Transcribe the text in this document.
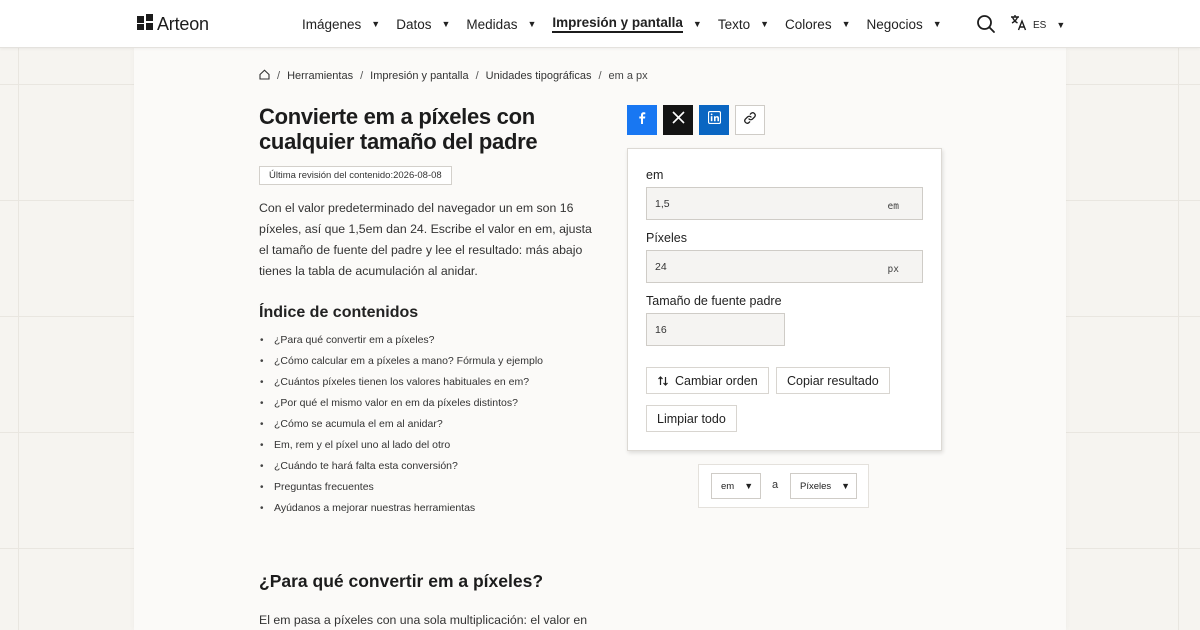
Arteon	Imágenes ▼ Datos ▼ Medidas ▼ Impresión y pantalla ▼ Texto ▼ Colores ▼ Negocios ▼	ES ▼
/ Herramientas / Impresión y pantalla / Unidades tipográficas / em a px
Convierte em a píxeles con cualquier tamaño del padre
Última revisión del contenido:2026-08-08

Con el valor predeterminado del navegador un em son 16 píxeles, así que 1,5em dan 24. Escribe el valor en em, ajusta el tamaño de fuente del padre y lee el resultado: más abajo tienes la tabla de acumulación al anidar.

Índice de contenidos
• ¿Para qué convertir em a píxeles?
• ¿Cómo calcular em a píxeles a mano? Fórmula y ejemplo
• ¿Cuántos píxeles tienen los valores habituales en em?
• ¿Por qué el mismo valor en em da píxeles distintos?
• ¿Cómo se acumula el em al anidar?
• Em, rem y el píxel uno al lado del otro
• ¿Cuándo te hará falta esta conversión?
• Preguntas frecuentes
• Ayúdanos a mejorar nuestras herramientas
¿Para qué convertir em a píxeles?

El em pasa a píxeles con una sola multiplicación: el valor en

em
1,5	em
Píxeles
24	px
Tamaño de fuente padre
16
Cambiar orden Copiar resultado
Limpiar todo
em ▼ a Píxeles ▼
